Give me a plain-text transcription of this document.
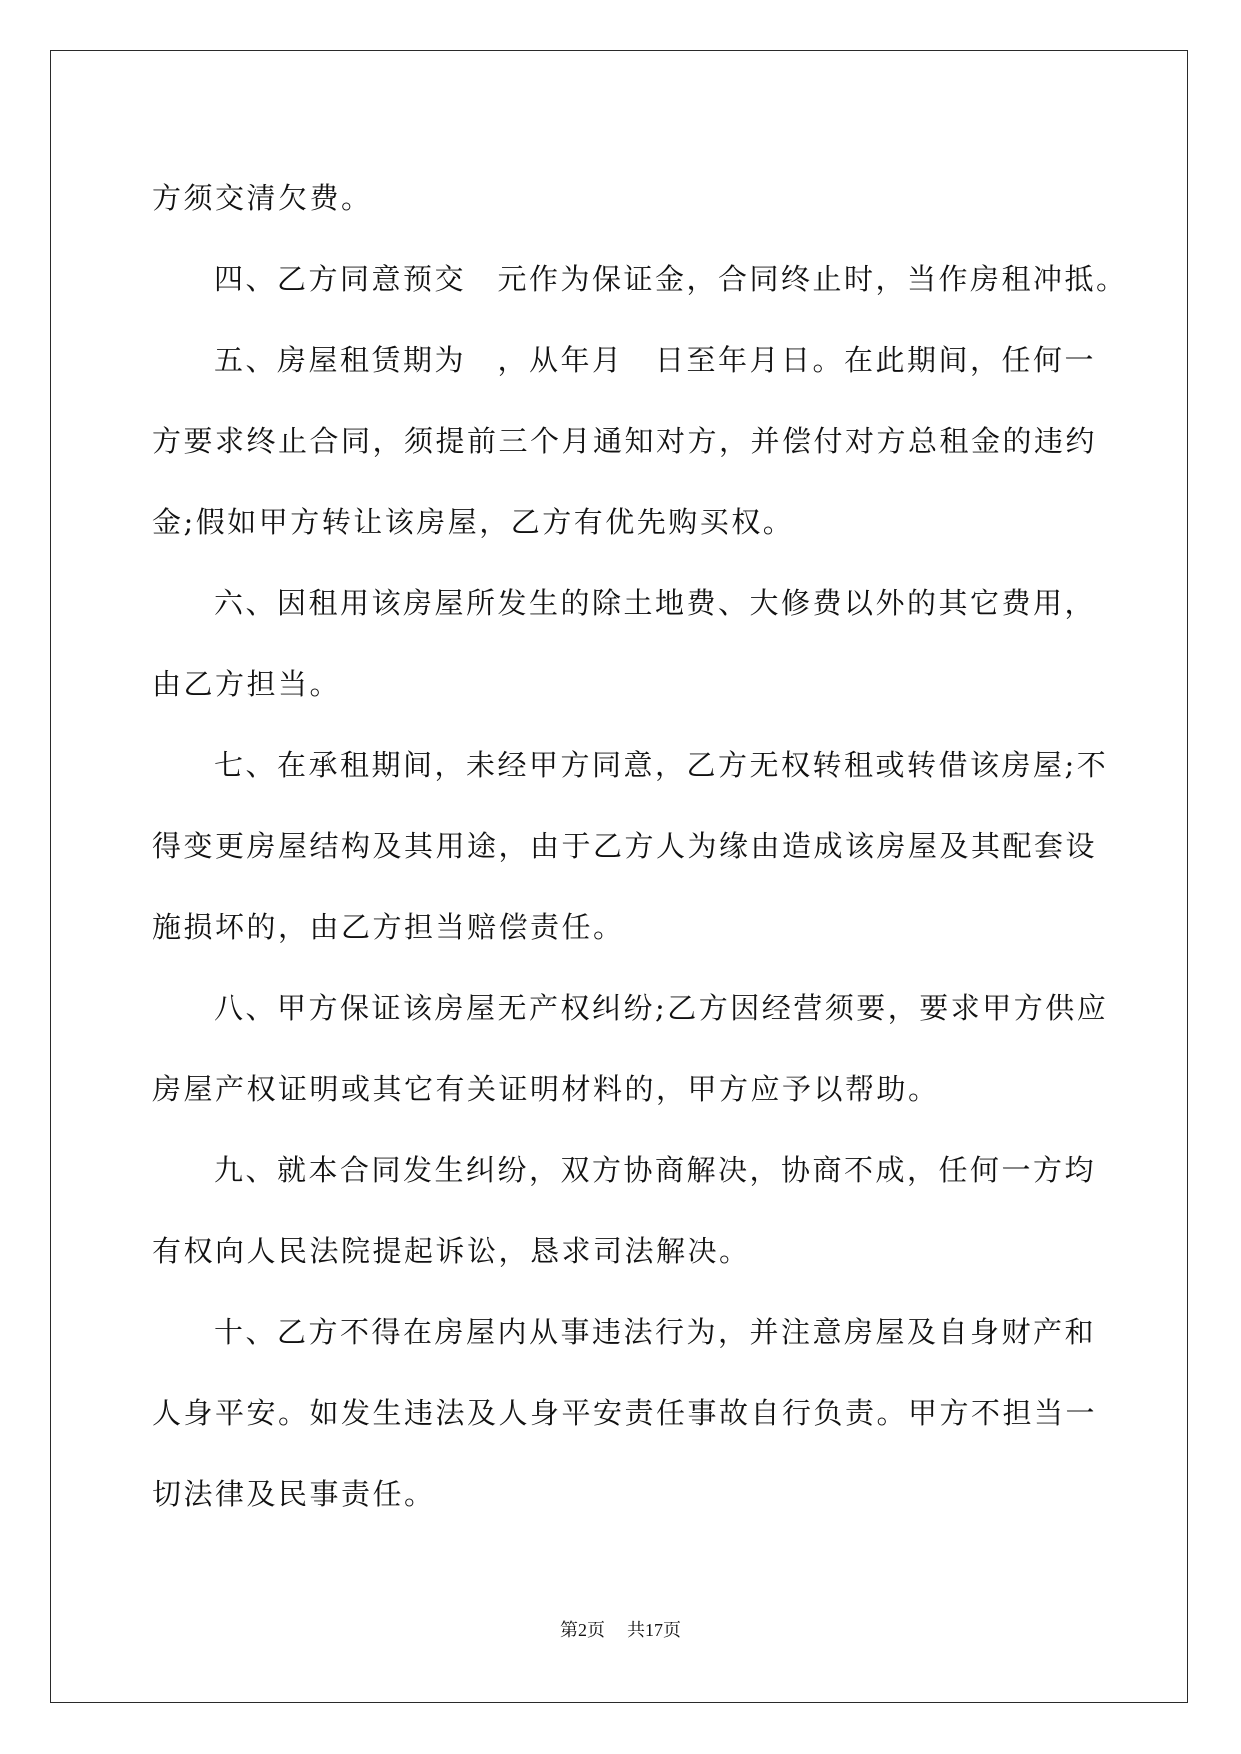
方须交清欠费。
四、乙方同意预交　元作为保证金，合同终止时，当作房租冲抵。
五、房屋租赁期为　，从年月　日至年月日。在此期间，任何一
方要求终止合同，须提前三个月通知对方，并偿付对方总租金的违约
金;假如甲方转让该房屋，乙方有优先购买权。
六、因租用该房屋所发生的除土地费、大修费以外的其它费用，
由乙方担当。
七、在承租期间，未经甲方同意，乙方无权转租或转借该房屋;不
得变更房屋结构及其用途，由于乙方人为缘由造成该房屋及其配套设
施损坏的，由乙方担当赔偿责任。
八、甲方保证该房屋无产权纠纷;乙方因经营须要，要求甲方供应
房屋产权证明或其它有关证明材料的，甲方应予以帮助。
九、就本合同发生纠纷，双方协商解决，协商不成，任何一方均
有权向人民法院提起诉讼，恳求司法解决。
十、乙方不得在房屋内从事违法行为，并注意房屋及自身财产和
人身平安。如发生违法及人身平安责任事故自行负责。甲方不担当一
切法律及民事责任。
第2页 共17页
